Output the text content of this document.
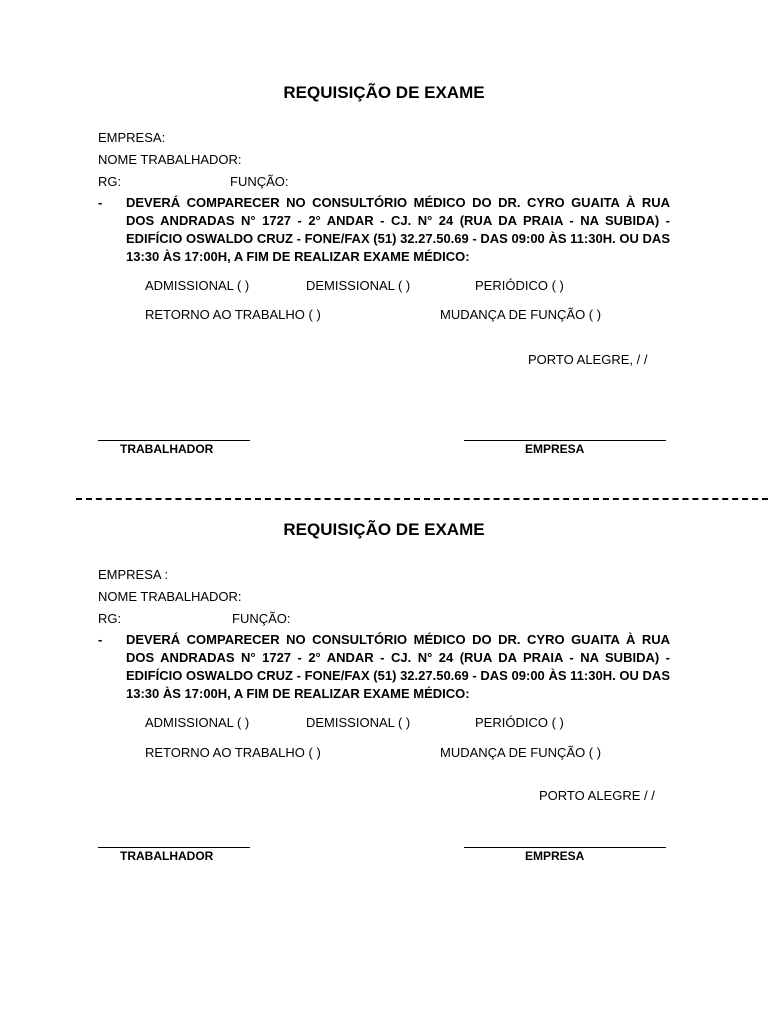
REQUISIÇÃO DE EXAME
EMPRESA:
NOME TRABALHADOR:
RG:	FUNÇÃO:
- DEVERÁ COMPARECER NO CONSULTÓRIO MÉDICO DO DR. CYRO GUAITA À RUA DOS ANDRADAS N° 1727 - 2° ANDAR - CJ. N° 24 (RUA DA PRAIA - NA SUBIDA) - EDIFÍCIO OSWALDO CRUZ - FONE/FAX (51) 32.27.50.69 - DAS 09:00 ÀS 11:30H. OU DAS 13:30 ÀS 17:00H, A FIM DE REALIZAR EXAME MÉDICO:
ADMISSIONAL ( )	DEMISSIONAL ( )	PERIÓDICO ( )
RETORNO AO TRABALHO ( )	MUDANÇA DE FUNÇÃO ( )
PORTO ALEGRE, / /
TRABALHADOR	EMPRESA
REQUISIÇÃO DE EXAME
EMPRESA :
NOME TRABALHADOR:
RG:	FUNÇÃO:
- DEVERÁ COMPARECER NO CONSULTÓRIO MÉDICO DO DR. CYRO GUAITA À RUA DOS ANDRADAS N° 1727 - 2° ANDAR - CJ. N° 24 (RUA DA PRAIA - NA SUBIDA) - EDIFÍCIO OSWALDO CRUZ - FONE/FAX (51) 32.27.50.69 - DAS 09:00 ÀS 11:30H. OU DAS 13:30 ÀS 17:00H, A FIM DE REALIZAR EXAME MÉDICO:
ADMISSIONAL ( )	DEMISSIONAL ( )	PERIÓDICO ( )
RETORNO AO TRABALHO ( )	MUDANÇA DE FUNÇÃO ( )
PORTO ALEGRE / /
TRABALHADOR	EMPRESA
